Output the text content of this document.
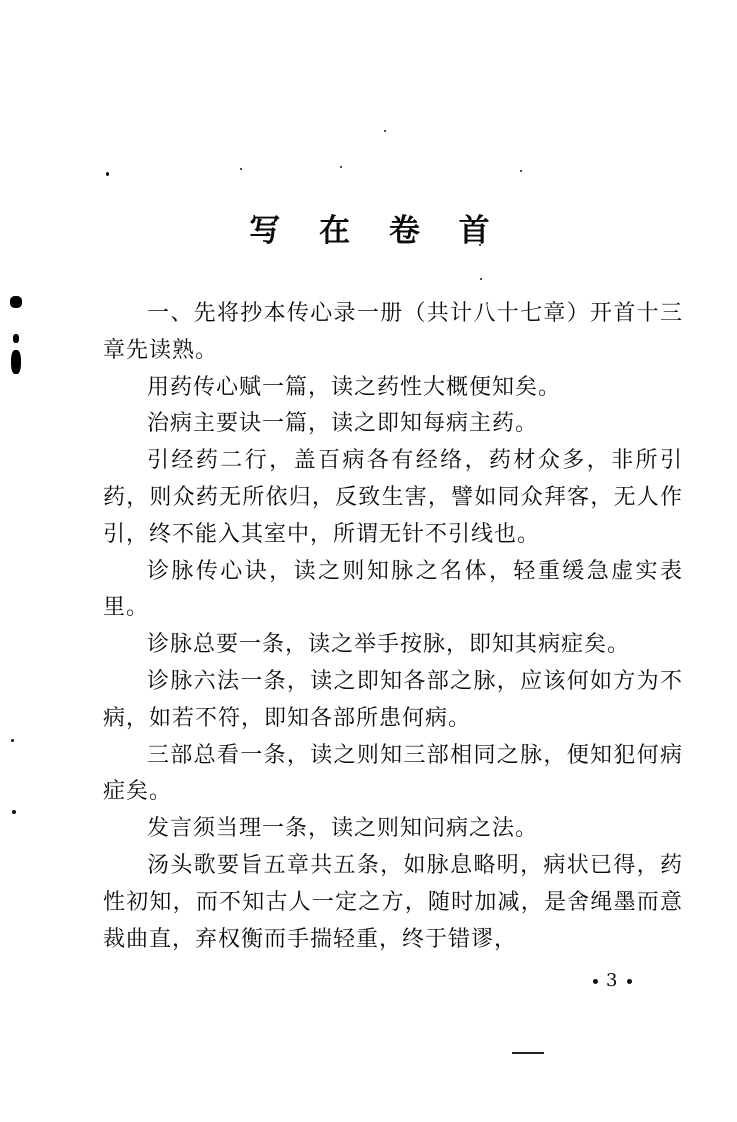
写 在 卷 首

一、先将抄本传心录一册（共计八十七章）开首十三章先读熟。

用药传心赋一篇，读之药性大概便知矣。

治病主要诀一篇，读之即知每病主药。

引经药二行，盖百病各有经络，药材众多，非所引药，则众药无所依归，反致生害，譬如同众拜客，无人作引，终不能入其室中，所谓无针不引线也。

诊脉传心诀，读之则知脉之名体，轻重缓急虚实表里。

诊脉总要一条，读之举手按脉，即知其病症矣。

诊脉六法一条，读之即知各部之脉，应该何如方为不病，如若不符，即知各部所患何病。

三部总看一条，读之则知三部相同之脉，便知犯何病症矣。

发言须当理一条，读之则知问病之法。

汤头歌要旨五章共五条，如脉息略明，病状已得，药性初知，而不知古人一定之方，随时加减，是舍绳墨而意裁曲直，弃权衡而手揣轻重，终于错谬，

3
